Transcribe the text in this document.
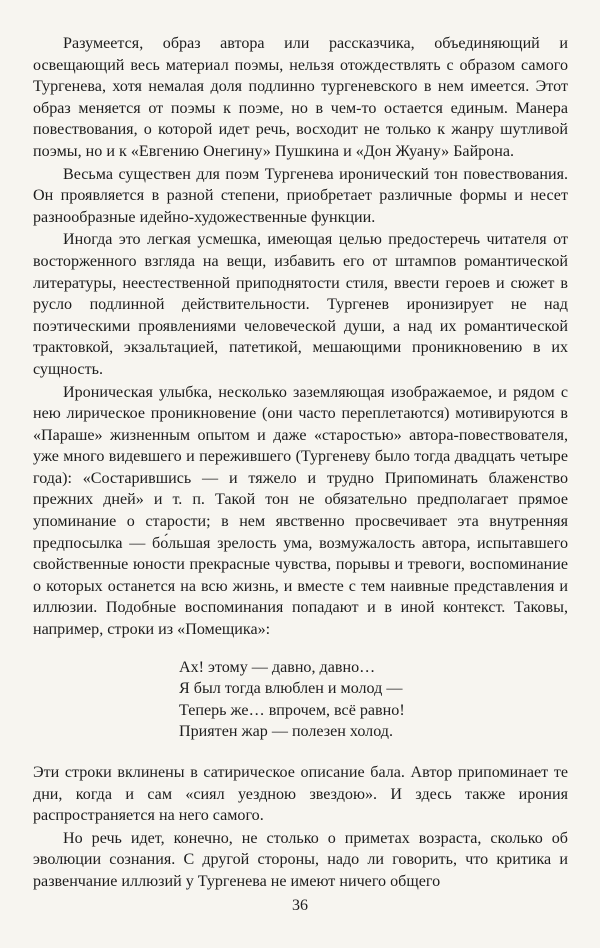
Разумеется, образ автора или рассказчика, объединяющий и освещающий весь материал поэмы, нельзя отождествлять с образом самого Тургенева, хотя немалая доля подлинно тургеневского в нем имеется. Этот образ меняется от поэмы к поэме, но в чем-то остается единым. Манера повествования, о которой идет речь, восходит не только к жанру шутливой поэмы, но и к «Евгению Онегину» Пушкина и «Дон Жуану» Байрона.

Весьма существен для поэм Тургенева иронический тон повествования. Он проявляется в разной степени, приобретает различные формы и несет разнообразные идейно-художественные функции.

Иногда это легкая усмешка, имеющая целью предостеречь читателя от восторженного взгляда на вещи, избавить его от штампов романтической литературы, неестественной приподнятости стиля, ввести героев и сюжет в русло подлинной действительности. Тургенев иронизирует не над поэтическими проявлениями человеческой души, а над их романтической трактовкой, экзальтацией, патетикой, мешающими проникновению в их сущность.

Ироническая улыбка, несколько заземляющая изображаемое, и рядом с нею лирическое проникновение (они часто переплетаются) мотивируются в «Параше» жизненным опытом и даже «старостью» автора-повествователя, уже много видевшего и пережившего (Тургеневу было тогда двадцать четыре года): «Состарившись — и тяжело и трудно Припоминать блаженство прежних дней» и т. п. Такой тон не обязательно предполагает прямое упоминание о старости; в нем явственно просвечивает эта внутренняя предпосылка — бо́льшая зрелость ума, возмужалость автора, испытавшего свойственные юности прекрасные чувства, порывы и тревоги, воспоминание о которых останется на всю жизнь, и вместе с тем наивные представления и иллюзии. Подобные воспоминания попадают и в иной контекст. Таковы, например, строки из «Помещика»:

Ах! этому — давно, давно…
Я был тогда влюблен и молод —
Теперь же… впрочем, всё равно!
Приятен жар — полезен холод.

Эти строки вклинены в сатирическое описание бала. Автор припоминает те дни, когда и сам «сиял уездною звездою». И здесь также ирония распространяется на него самого.

Но речь идет, конечно, не столько о приметах возраста, сколько об эволюции сознания. С другой стороны, надо ли говорить, что критика и развенчание иллюзий у Тургенева не имеют ничего общего

36
